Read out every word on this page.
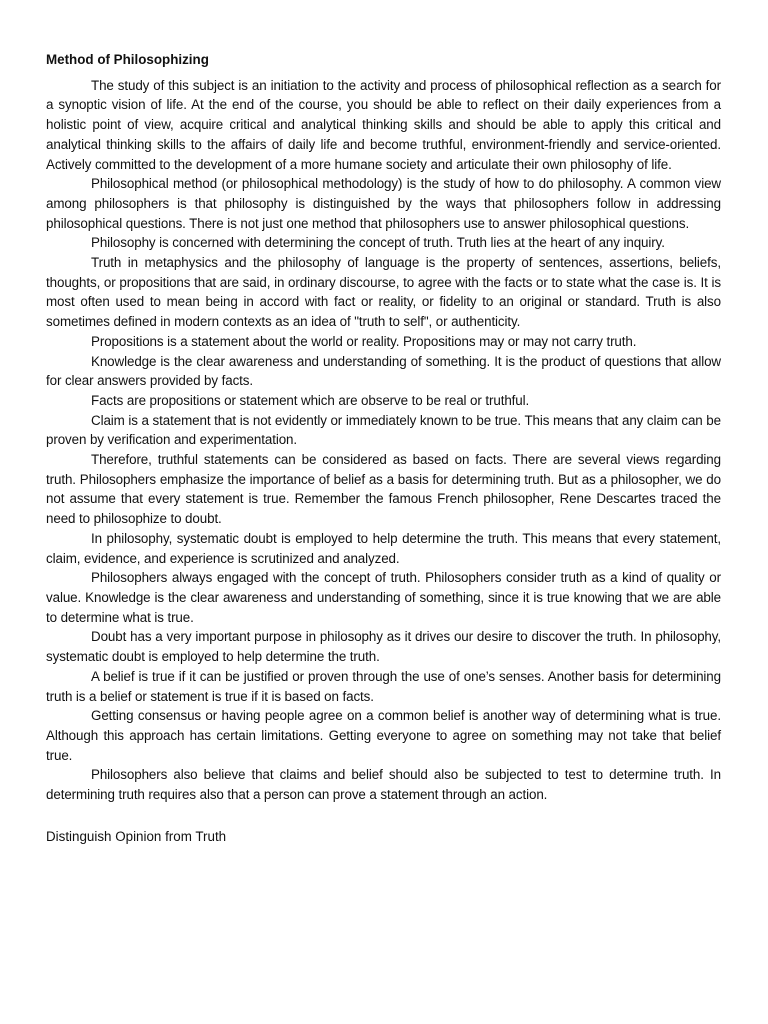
Method of Philosophizing

The study of this subject is an initiation to the activity and process of philosophical reflection as a search for a synoptic vision of life. At the end of the course, you should be able to reflect on their daily experiences from a holistic point of view, acquire critical and analytical thinking skills and should be able to apply this critical and analytical thinking skills to the affairs of daily life and become truthful, environment-friendly and service-oriented. Actively committed to the development of a more humane society and articulate their own philosophy of life.

Philosophical method (or philosophical methodology) is the study of how to do philosophy. A common view among philosophers is that philosophy is distinguished by the ways that philosophers follow in addressing philosophical questions. There is not just one method that philosophers use to answer philosophical questions.

Philosophy is concerned with determining the concept of truth. Truth lies at the heart of any inquiry.

Truth in metaphysics and the philosophy of language is the property of sentences, assertions, beliefs, thoughts, or propositions that are said, in ordinary discourse, to agree with the facts or to state what the case is. It is most often used to mean being in accord with fact or reality, or fidelity to an original or standard. Truth is also sometimes defined in modern contexts as an idea of "truth to self", or authenticity.

Propositions is a statement about the world or reality. Propositions may or may not carry truth.

Knowledge is the clear awareness and understanding of something. It is the product of questions that allow for clear answers provided by facts.

Facts are propositions or statement which are observe to be real or truthful.

Claim is a statement that is not evidently or immediately known to be true. This means that any claim can be proven by verification and experimentation.

Therefore, truthful statements can be considered as based on facts. There are several views regarding truth. Philosophers emphasize the importance of belief as a basis for determining truth. But as a philosopher, we do not assume that every statement is true. Remember the famous French philosopher, Rene Descartes traced the need to philosophize to doubt.

In philosophy, systematic doubt is employed to help determine the truth. This means that every statement, claim, evidence, and experience is scrutinized and analyzed.

Philosophers always engaged with the concept of truth. Philosophers consider truth as a kind of quality or value. Knowledge is the clear awareness and understanding of something, since it is true knowing that we are able to determine what is true.

Doubt has a very important purpose in philosophy as it drives our desire to discover the truth. In philosophy, systematic doubt is employed to help determine the truth.

A belief is true if it can be justified or proven through the use of one’s senses. Another basis for determining truth is a belief or statement is true if it is based on facts.

Getting consensus or having people agree on a common belief is another way of determining what is true. Although this approach has certain limitations. Getting everyone to agree on something may not take that belief true.

Philosophers also believe that claims and belief should also be subjected to test to determine truth. In determining truth requires also that a person can prove a statement through an action.

Distinguish Opinion from Truth
